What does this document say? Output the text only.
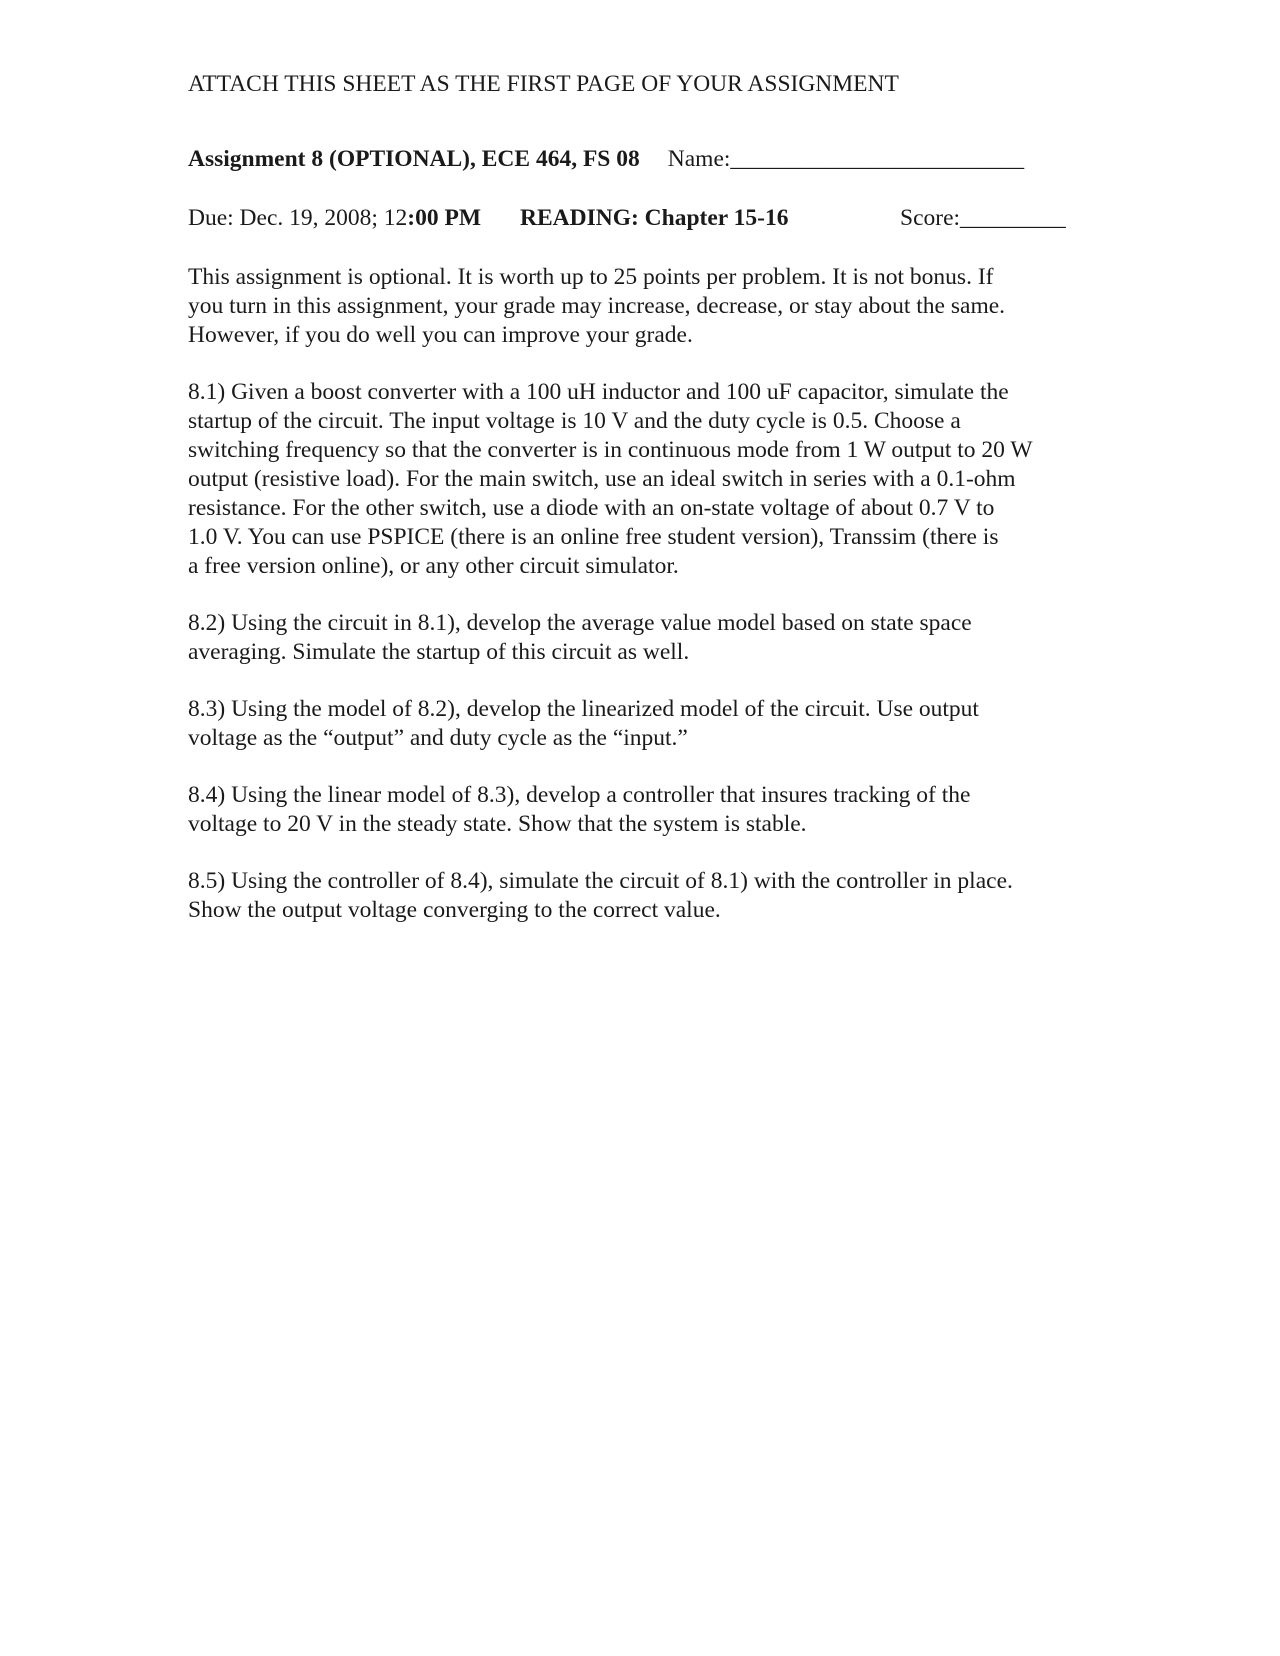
ATTACH THIS SHEET AS THE FIRST PAGE OF YOUR ASSIGNMENT
Assignment 8 (OPTIONAL), ECE 464, FS 08 Name:_________________________
Due: Dec. 19, 2008; 12:00 PM READING: Chapter 15-16	Score:_________
This assignment is optional. It is worth up to 25 points per problem. It is not bonus. If
you turn in this assignment, your grade may increase, decrease, or stay about the same.
However, if you do well you can improve your grade.
8.1) Given a boost converter with a 100 uH inductor and 100 uF capacitor, simulate the
startup of the circuit. The input voltage is 10 V and the duty cycle is 0.5. Choose a
switching frequency so that the converter is in continuous mode from 1 W output to 20 W
output (resistive load). For the main switch, use an ideal switch in series with a 0.1-ohm
resistance. For the other switch, use a diode with an on-state voltage of about 0.7 V to
1.0 V. You can use PSPICE (there is an online free student version), Transsim (there is
a free version online), or any other circuit simulator.
8.2) Using the circuit in 8.1), develop the average value model based on state space
averaging. Simulate the startup of this circuit as well.
8.3) Using the model of 8.2), develop the linearized model of the circuit. Use output
voltage as the “output” and duty cycle as the “input.”
8.4) Using the linear model of 8.3), develop a controller that insures tracking of the
voltage to 20 V in the steady state. Show that the system is stable.
8.5) Using the controller of 8.4), simulate the circuit of 8.1) with the controller in place.
Show the output voltage converging to the correct value.
